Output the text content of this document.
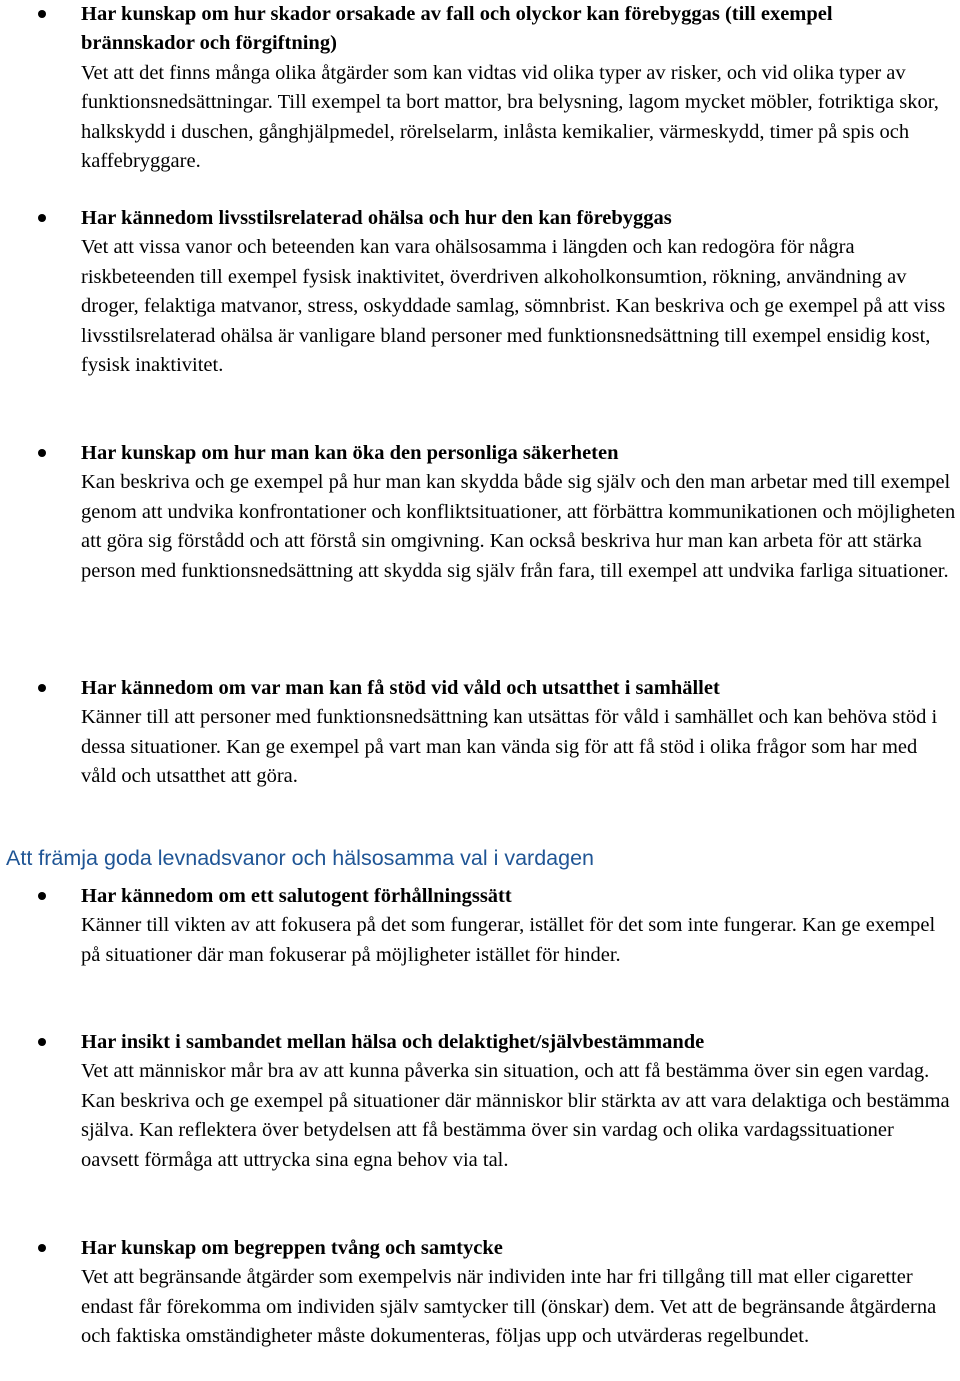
Har kunskap om hur skador orsakade av fall och olyckor kan förebyggas (till exempel brännskador och förgiftning)
Vet att det finns många olika åtgärder som kan vidtas vid olika typer av risker, och vid olika typer av funktionsnedsättningar. Till exempel ta bort mattor, bra belysning, lagom mycket möbler, fotriktiga skor, halkskydd i duschen, gånghjälpmedel, rörelselarm, inlåsta kemikalier, värmeskydd, timer på spis och kaffebryggare.
Har kännedom livsstilsrelaterad ohälsa och hur den kan förebyggas
Vet att vissa vanor och beteenden kan vara ohälsosamma i längden och kan redogöra för några riskbeteenden till exempel fysisk inaktivitet, överdriven alkoholkonsumtion, rökning, användning av droger, felaktiga matvanor, stress, oskyddade samlag, sömnbrist. Kan beskriva och ge exempel på att viss livsstilsrelaterad ohälsa är vanligare bland personer med funktionsnedsättning till exempel ensidig kost, fysisk inaktivitet.
Har kunskap om hur man kan öka den personliga säkerheten
Kan beskriva och ge exempel på hur man kan skydda både sig själv och den man arbetar med till exempel genom att undvika konfrontationer och konfliktsituationer, att förbättra kommunikationen och möjligheten att göra sig förstådd och att förstå sin omgivning. Kan också beskriva hur man kan arbeta för att stärka person med funktionsnedsättning att skydda sig själv från fara, till exempel att undvika farliga situationer.
Har kännedom om var man kan få stöd vid våld och utsatthet i samhället
Känner till att personer med funktionsnedsättning kan utsättas för våld i samhället och kan behöva stöd i dessa situationer. Kan ge exempel på vart man kan vända sig för att få stöd i olika frågor som har med våld och utsatthet att göra.
Att främja goda levnadsvanor och hälsosamma val i vardagen
Har kännedom om ett salutogent förhållningssätt
Känner till vikten av att fokusera på det som fungerar, istället för det som inte fungerar. Kan ge exempel på situationer där man fokuserar på möjligheter istället för hinder.
Har insikt i sambandet mellan hälsa och delaktighet/självbestämmande
Vet att människor mår bra av att kunna påverka sin situation, och att få bestämma över sin egen vardag. Kan beskriva och ge exempel på situationer där människor blir stärkta av att vara delaktiga och bestämma själva. Kan reflektera över betydelsen att få bestämma över sin vardag och olika vardagssituationer oavsett förmåga att uttrycka sina egna behov via tal.
Har kunskap om begreppen tvång och samtycke
Vet att begränsande åtgärder som exempelvis när individen inte har fri tillgång till mat eller cigaretter endast får förekomma om individen själv samtycker till (önskar) dem. Vet att de begränsande åtgärderna och faktiska omständigheter måste dokumenteras, följas upp och utvärderas regelbundet.
